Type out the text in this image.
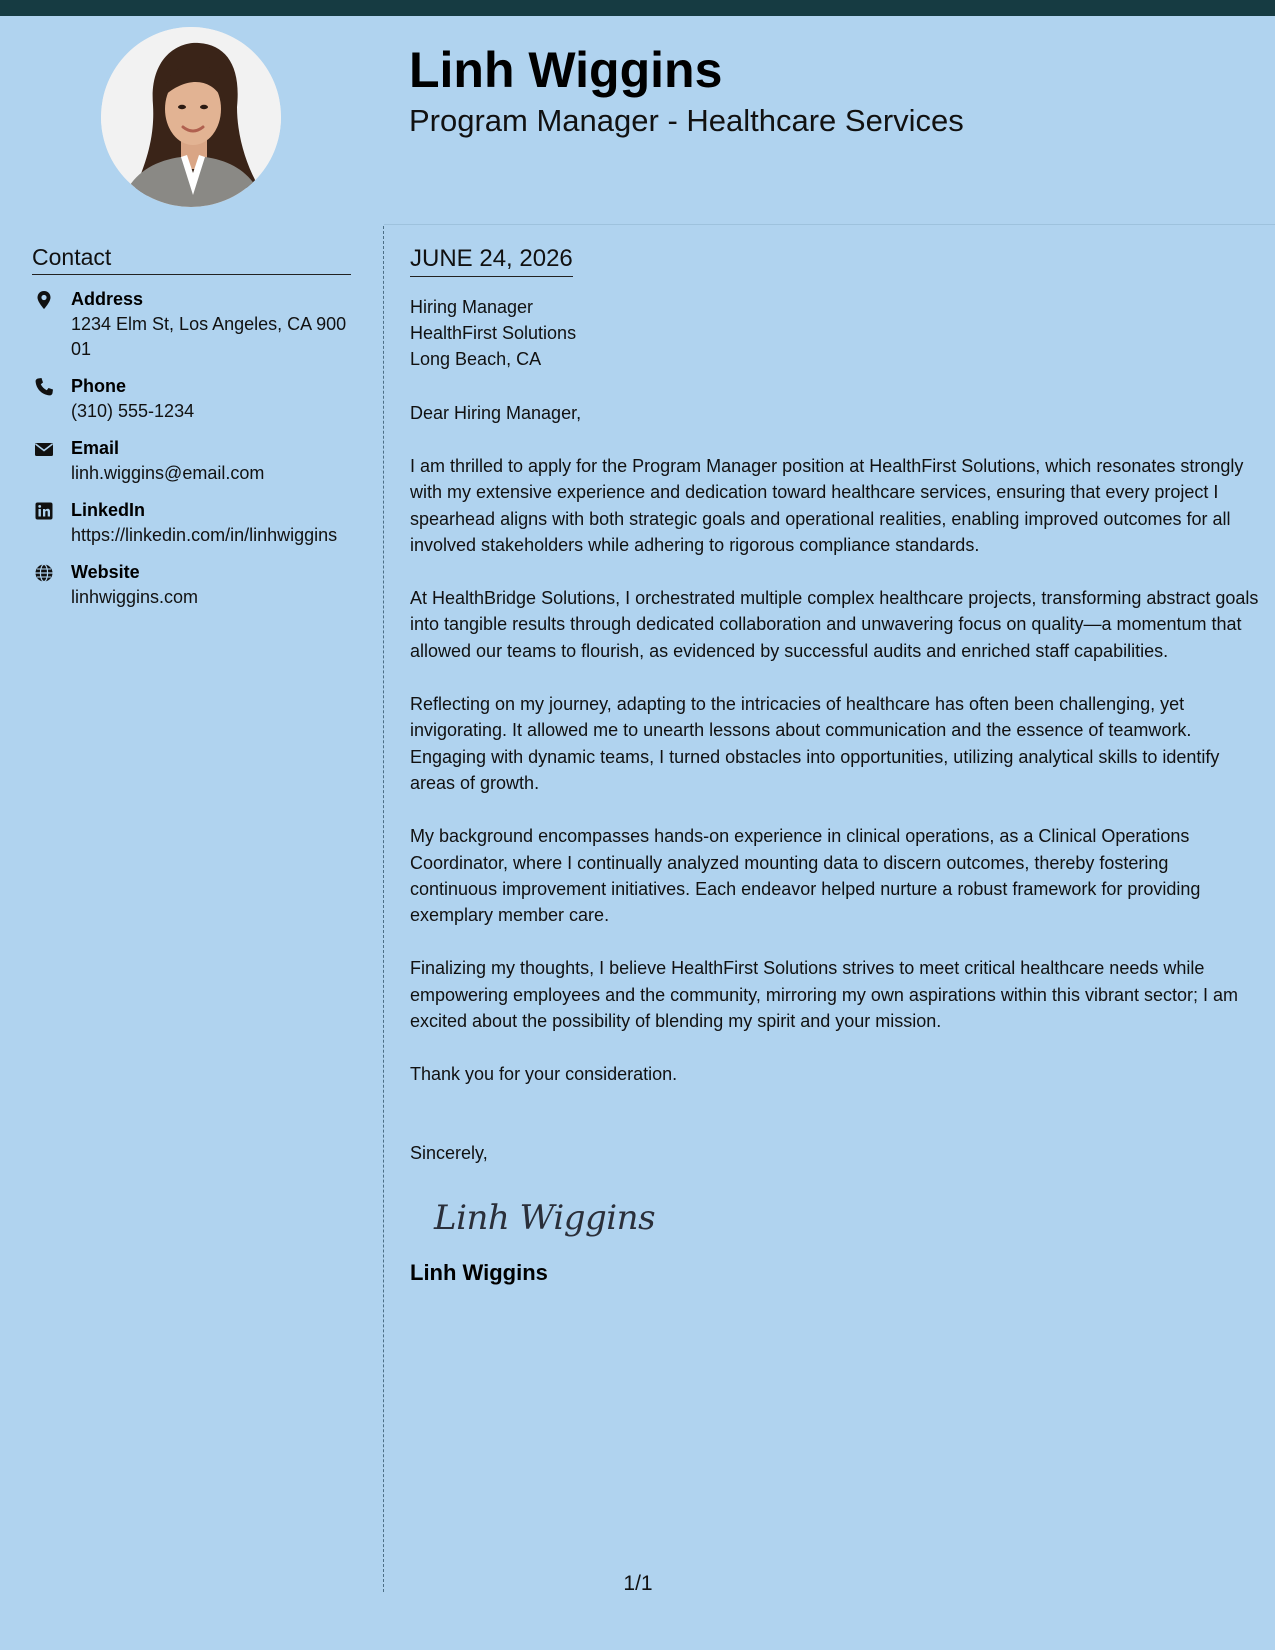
Linh Wiggins
Program Manager - Healthcare Services
Contact
Address
1234 Elm St, Los Angeles, CA 90001
Phone
(310) 555-1234
Email
linh.wiggins@email.com
LinkedIn
https://linkedin.com/in/linhwiggins
Website
linhwiggins.com
JUNE 24, 2026
Hiring Manager
HealthFirst Solutions
Long Beach, CA
Dear Hiring Manager,
I am thrilled to apply for the Program Manager position at HealthFirst Solutions, which resonates strongly with my extensive experience and dedication toward healthcare services, ensuring that every project I spearhead aligns with both strategic goals and operational realities, enabling improved outcomes for all involved stakeholders while adhering to rigorous compliance standards.
At HealthBridge Solutions, I orchestrated multiple complex healthcare projects, transforming abstract goals into tangible results through dedicated collaboration and unwavering focus on quality—a momentum that allowed our teams to flourish, as evidenced by successful audits and enriched staff capabilities.
Reflecting on my journey, adapting to the intricacies of healthcare has often been challenging, yet invigorating. It allowed me to unearth lessons about communication and the essence of teamwork. Engaging with dynamic teams, I turned obstacles into opportunities, utilizing analytical skills to identify areas of growth.
My background encompasses hands-on experience in clinical operations, as a Clinical Operations Coordinator, where I continually analyzed mounting data to discern outcomes, thereby fostering continuous improvement initiatives. Each endeavor helped nurture a robust framework for providing exemplary member care.
Finalizing my thoughts, I believe HealthFirst Solutions strives to meet critical healthcare needs while empowering employees and the community, mirroring my own aspirations within this vibrant sector; I am excited about the possibility of blending my spirit and your mission.
Thank you for your consideration.
Sincerely,
Linh Wiggins
Linh Wiggins
1/1
